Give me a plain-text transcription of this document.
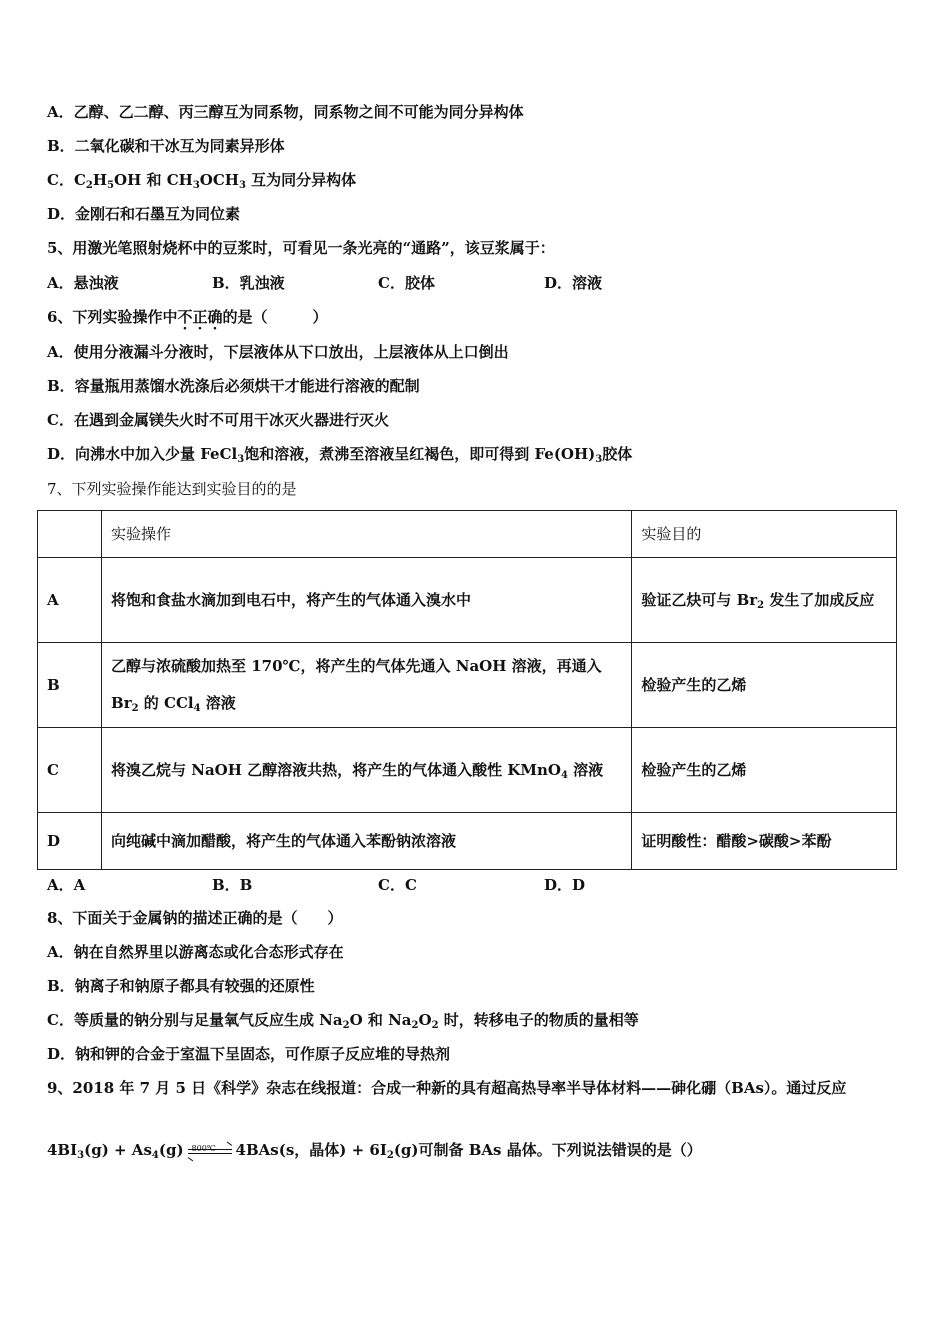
A．乙醇、乙二醇、丙三醇互为同系物，同系物之间不可能为同分异构体
B．二氧化碳和干冰互为同素异形体
C．$C_2H_5OH$ 和 $CH_3OCH_3$ 互为同分异构体
D．金刚石和石墨互为同位素
5、用激光笔照射烧杯中的豆浆时，可看见一条光亮的“通路”，该豆浆属于：
A．悬浊液	B．乳浊液	C．胶体	D．溶液
6、下列实验操作中不正确的是（　　　）
A．使用分液漏斗分液时，下层液体从下口放出，上层液体从上口倒出
B．容量瓶用蒸馏水洗涤后必须烘干才能进行溶液的配制
C．在遇到金属镁失火时不可用干冰灭火器进行灭火
D．向沸水中加入少量 FeCl$_3$饱和溶液，煮沸至溶液呈红褐色，即可得到 $Fe(OH)_3$胶体
7、下列实验操作能达到实验目的的是
	实验操作	实验目的
A	将饱和食盐水滴加到电石中，将产生的气体通入溴水中	验证乙炔可与 $Br_2$ 发生了加成反应
B	乙醇与浓硫酸加热至 170℃，将产生的气体先通入 NaOH 溶液，再通入 $Br_2$ 的 CCl$_4$ 溶液	检验产生的乙烯
C	将溴乙烷与 NaOH 乙醇溶液共热，将产生的气体通入酸性 KMnO$_4$ 溶液	检验产生的乙烯
D	向纯碱中滴加醋酸，将产生的气体通入苯酚钠浓溶液	证明酸性：醋酸>碳酸>苯酚
A．A	B．B	C．C	D．D
8、下面关于金属钠的描述正确的是（　　）
A．钠在自然界里以游离态或化合态形式存在
B．钠离子和钠原子都具有较强的还原性
C．等质量的钠分别与足量氧气反应生成 $Na_2O$ 和 $Na_2O_2$ 时，转移电子的物质的量相等
D．钠和钾的合金于室温下呈固态，可作原子反应堆的导热剂
9、2018 年 7 月 5 日《科学》杂志在线报道：合成一种新的具有超高热导率半导体材料——砷化硼（BAs）。通过反应
$4BI_3(g) + As_4(g)$ 800℃ 4BAs(s，晶体) + $6I_2(g)$可制备 BAs 晶体。下列说法错误的是（）
